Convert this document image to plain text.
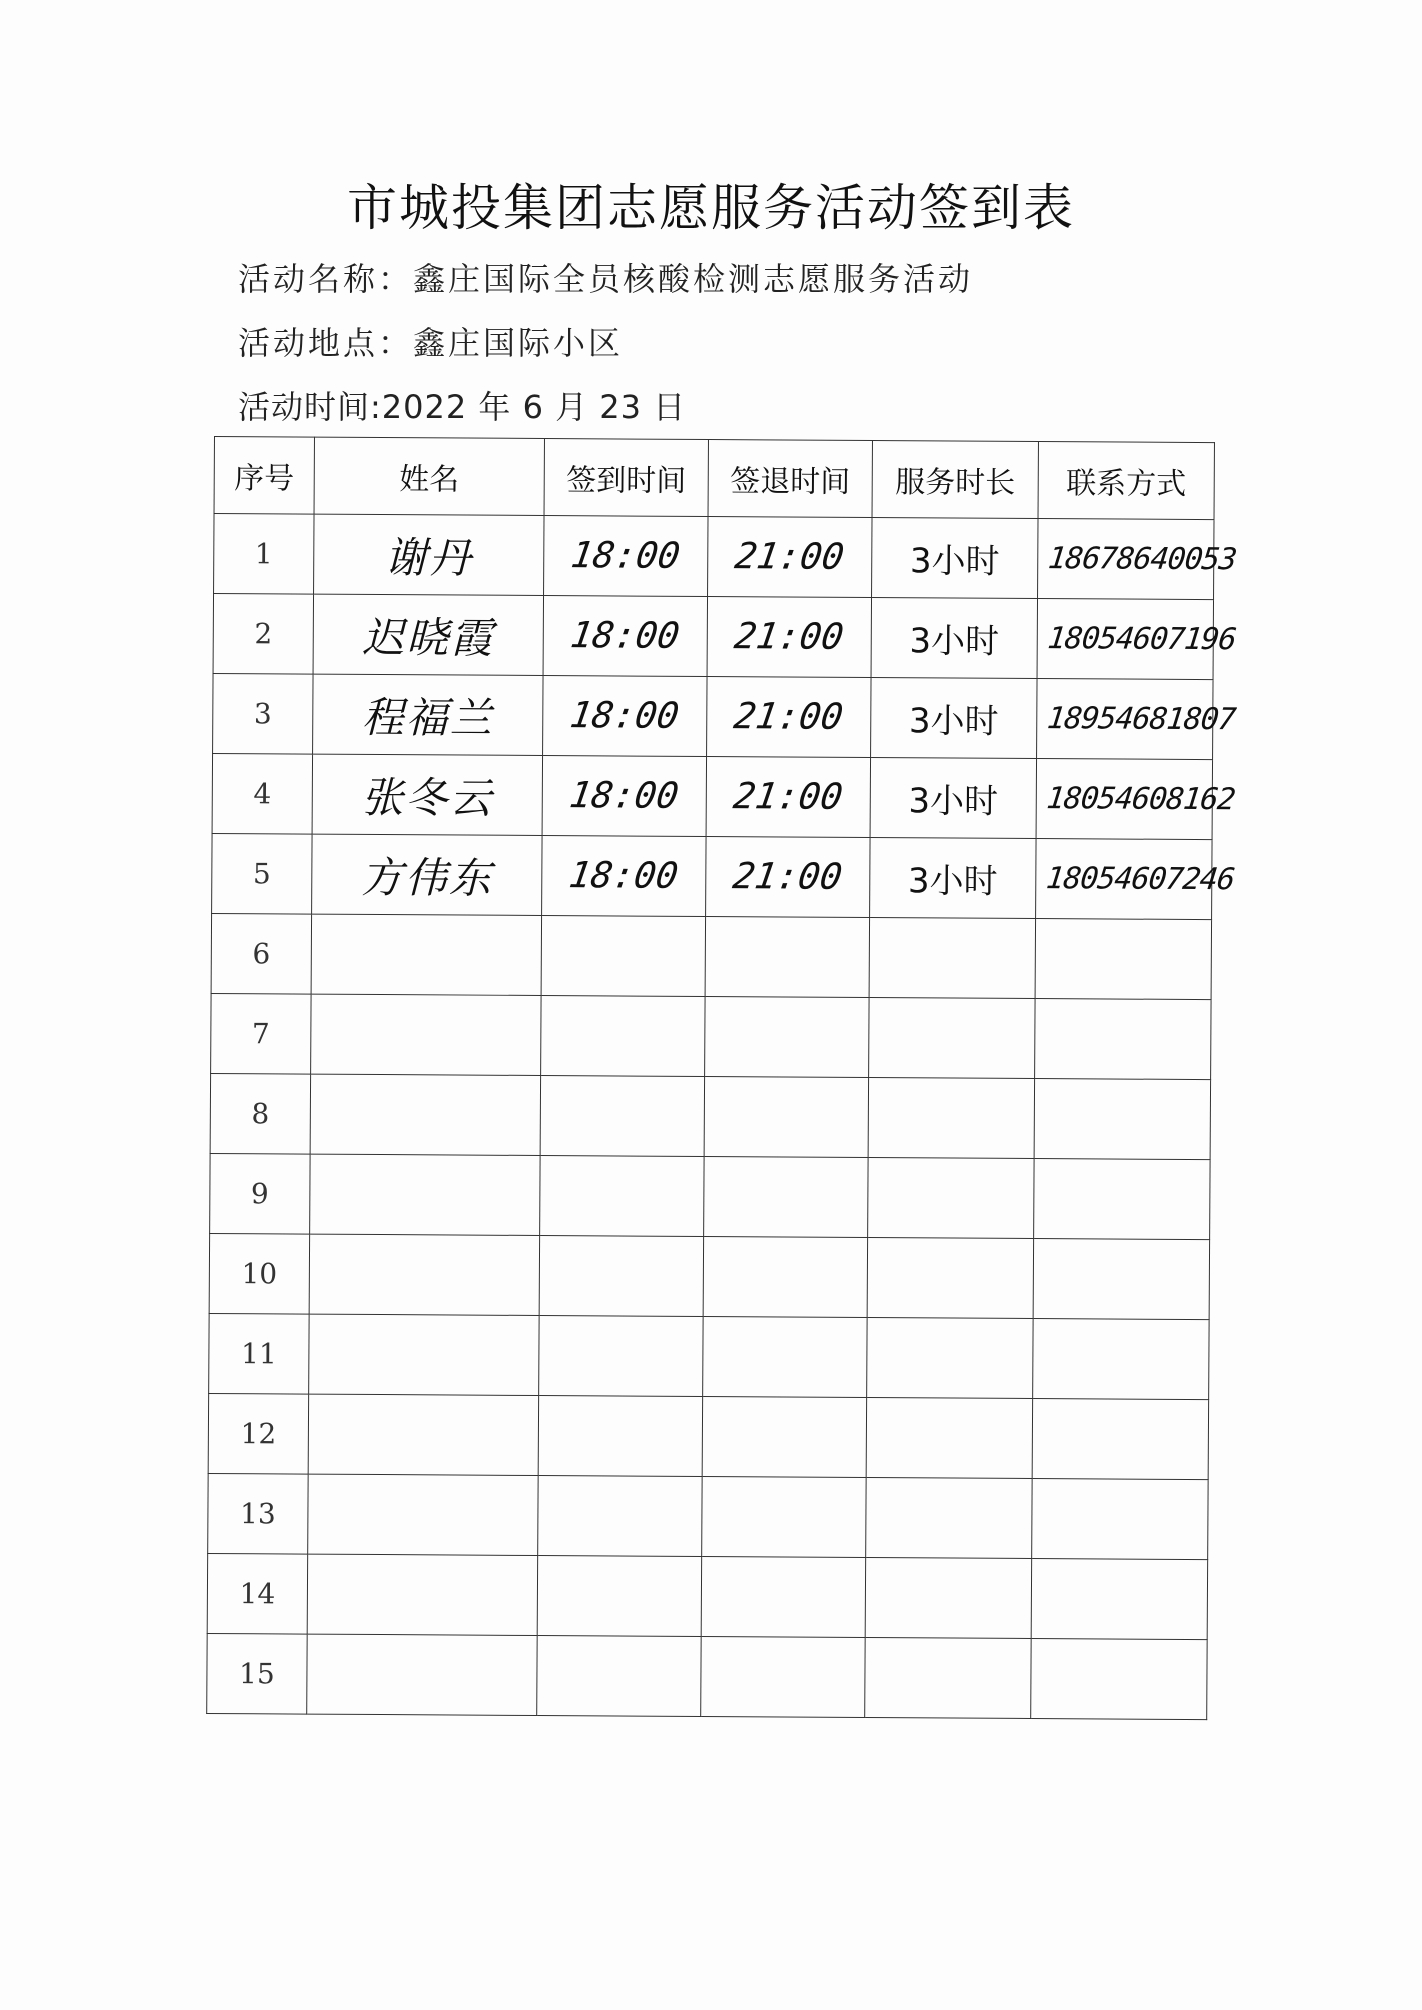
市城投集团志愿服务活动签到表
活动名称：鑫庄国际全员核酸检测志愿服务活动
活动地点：鑫庄国际小区
活动时间:2022 年 6 月 23 日
序号	姓名	签到时间	签退时间	服务时长	联系方式
1	谢丹	18:00	21:00	3小时	18678640053
2	迟晓霞	18:00	21:00	3小时	18054607196
3	程福兰	18:00	21:00	3小时	18954681807
4	张冬云	18:00	21:00	3小时	18054608162
5	方伟东	18:00	21:00	3小时	18054607246
6					
7					
8					
9					
10					
11					
12					
13					
14					
15					
